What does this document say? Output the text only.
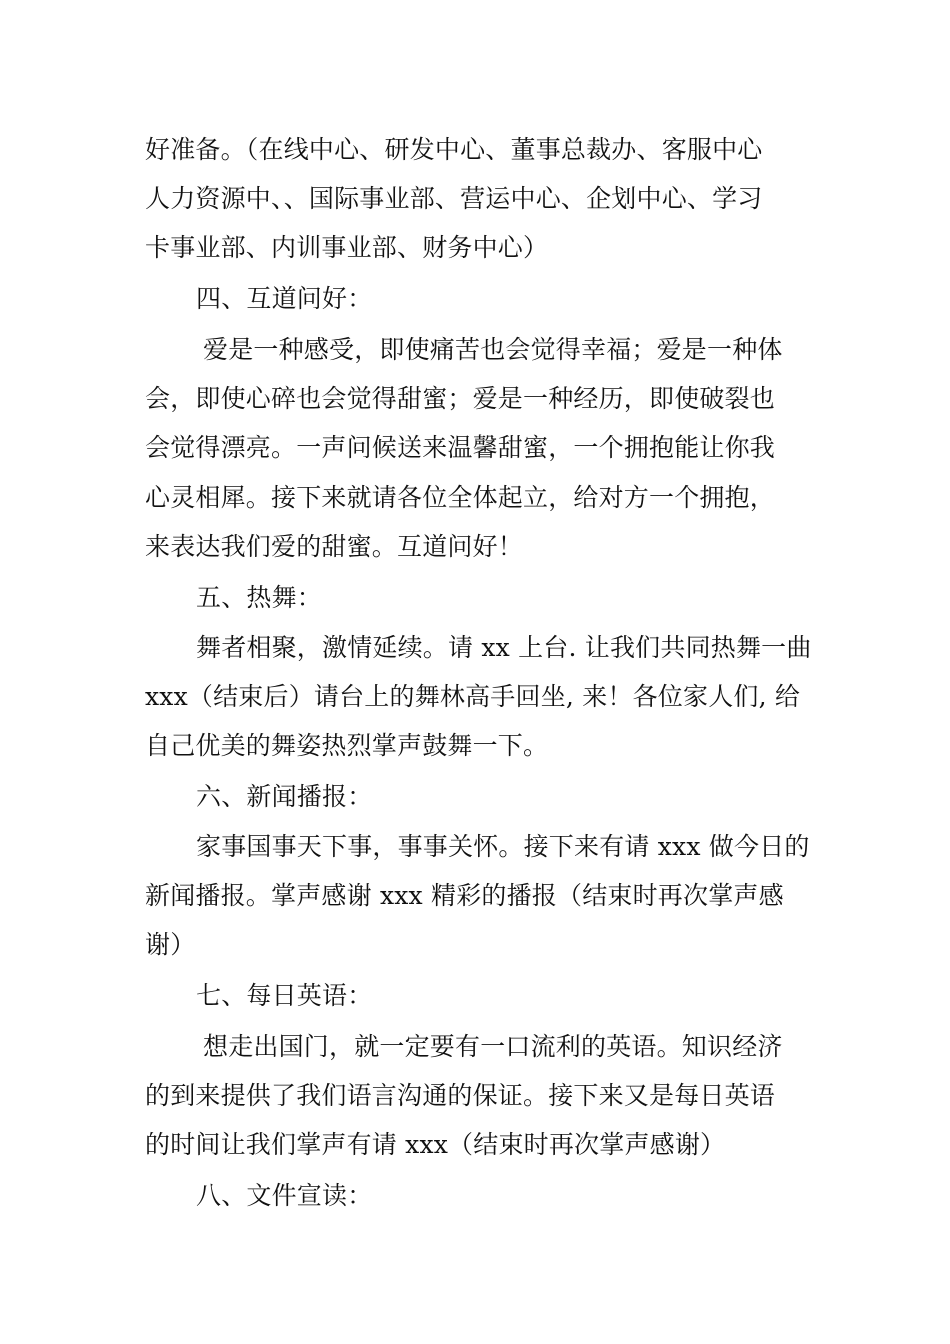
好准备。（在线中心、研发中心、董事总裁办、客服中心
人力资源中、、国际事业部、营运中心、企划中心、学习
卡事业部、内训事业部、财务中心）
四、互道问好：
爱是一种感受，即使痛苦也会觉得幸福；爱是一种体
会，即使心碎也会觉得甜蜜；爱是一种经历，即使破裂也
会觉得漂亮。一声问候送来温馨甜蜜，一个拥抱能让你我
心灵相犀。接下来就请各位全体起立，给对方一个拥抱，
来表达我们爱的甜蜜。互道问好！
五、热舞：
舞者相聚，激情延续。请 xx 上台. 让我们共同热舞一曲
xxx（结束后）请台上的舞林高手回坐, 来！各位家人们, 给
自己优美的舞姿热烈掌声鼓舞一下。
六、新闻播报：
家事国事天下事，事事关怀。接下来有请 xxx 做今日的
新闻播报。掌声感谢 xxx 精彩的播报（结束时再次掌声感
谢）
七、每日英语：
想走出国门，就一定要有一口流利的英语。知识经济
的到来提供了我们语言沟通的保证。接下来又是每日英语
的时间让我们掌声有请 xxx（结束时再次掌声感谢）
八、文件宣读：
